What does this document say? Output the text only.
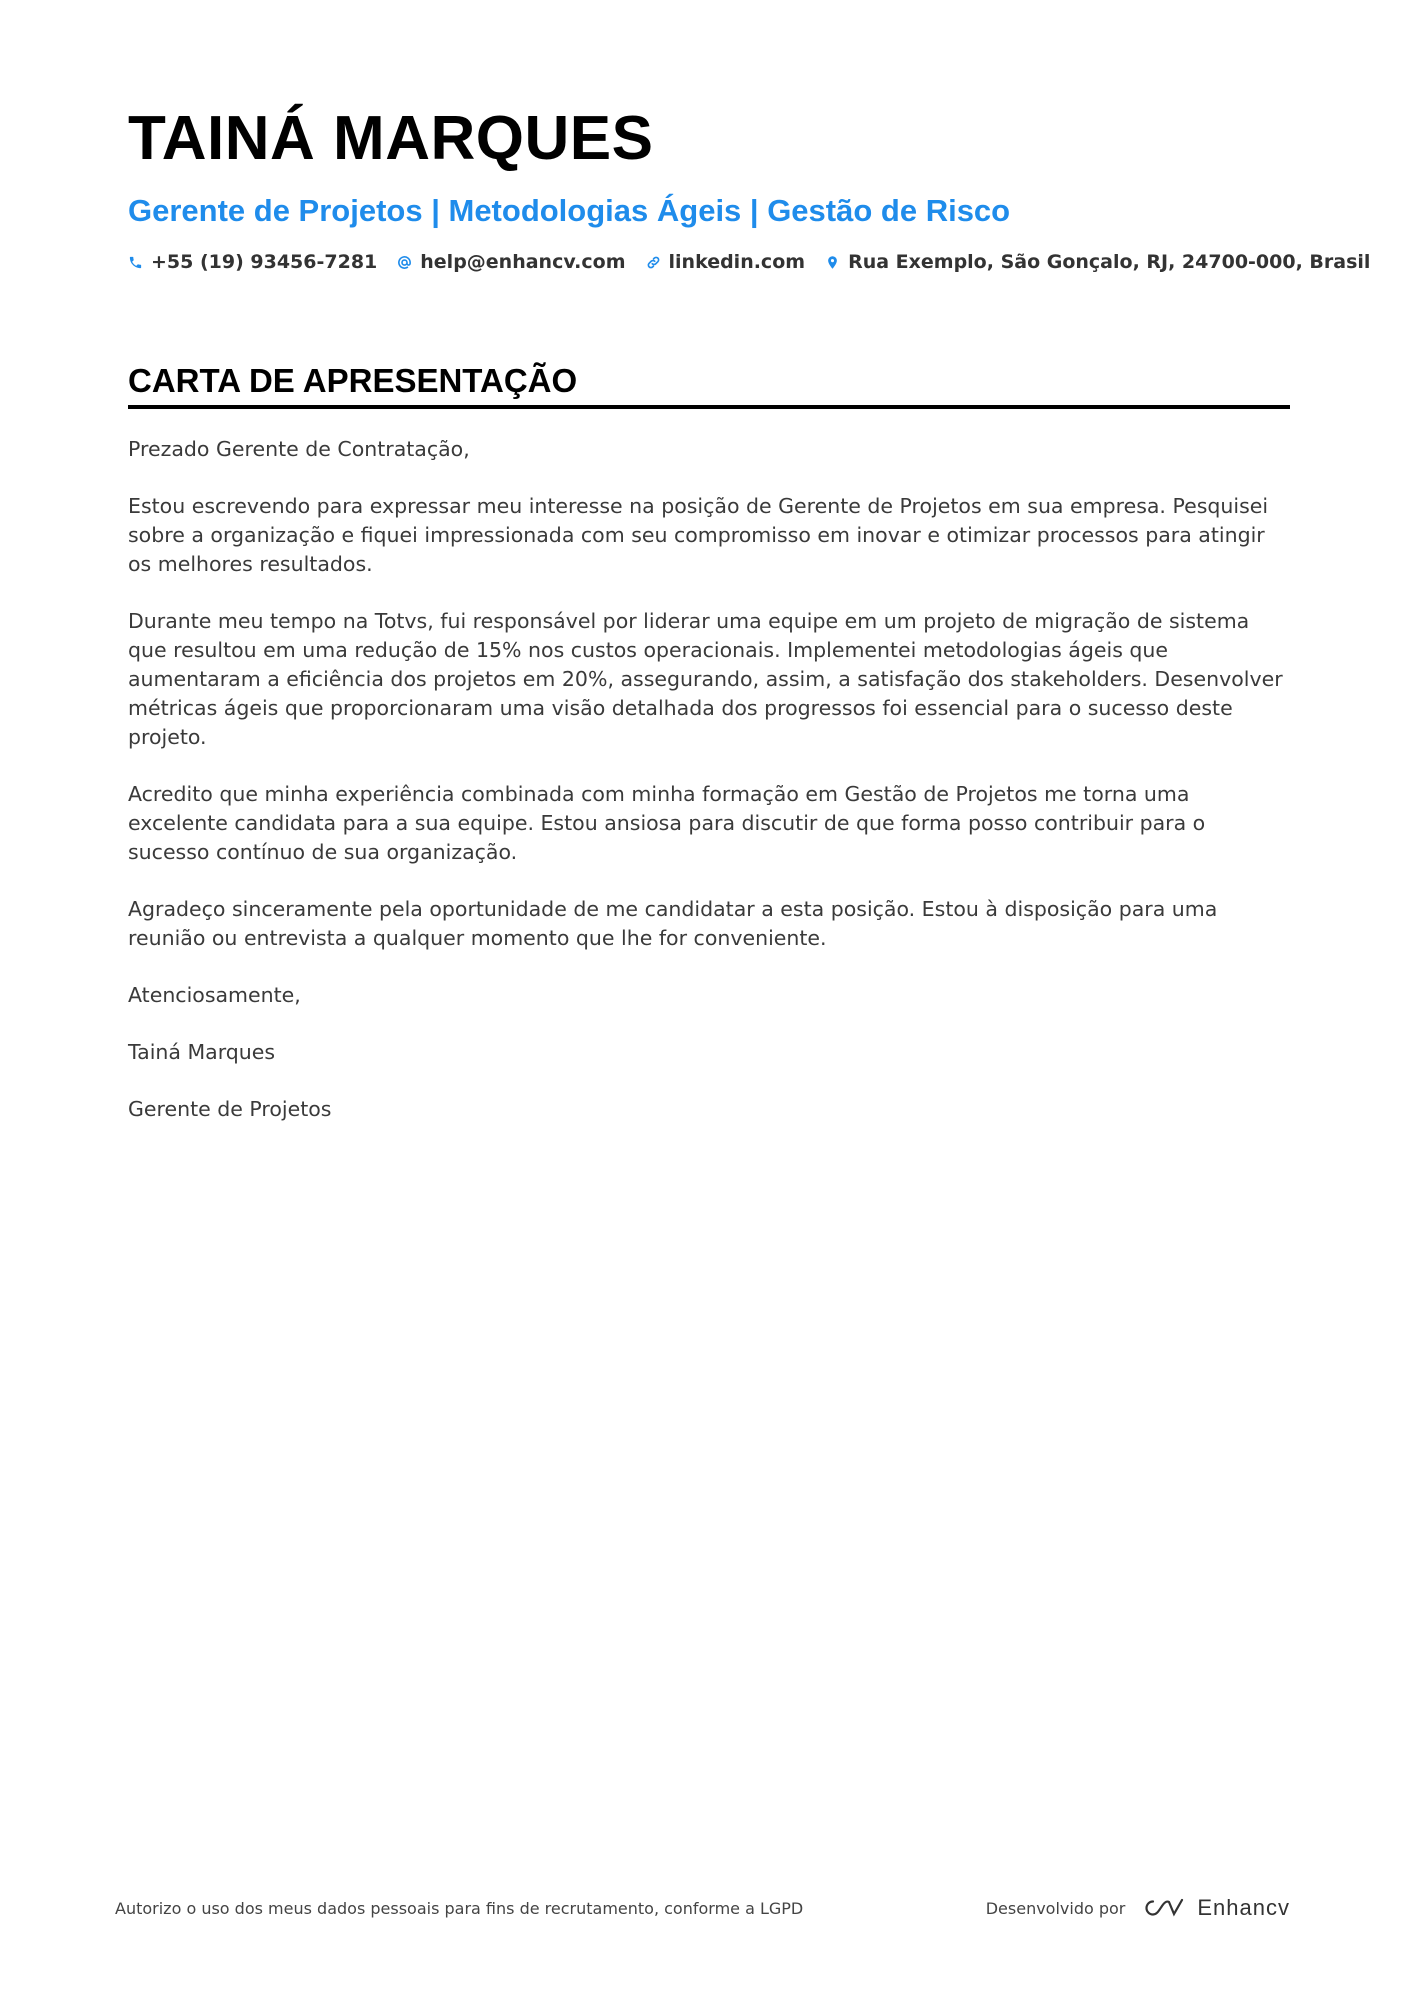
TAINÁ MARQUES
Gerente de Projetos | Metodologias Ágeis | Gestão de Risco
+55 (19) 93456-7281 help@enhancv.com linkedin.com Rua Exemplo, São Gonçalo, RJ, 24700-000, Brasil
CARTA DE APRESENTAÇÃO

Prezado Gerente de Contratação,

Estou escrevendo para expressar meu interesse na posição de Gerente de Projetos em sua empresa. Pesquisei sobre a organização e fiquei impressionada com seu compromisso em inovar e otimizar processos para atingir os melhores resultados.

Durante meu tempo na Totvs, fui responsável por liderar uma equipe em um projeto de migração de sistema que resultou em uma redução de 15% nos custos operacionais. Implementei metodologias ágeis que aumentaram a eficiência dos projetos em 20%, assegurando, assim, a satisfação dos stakeholders. Desenvolver métricas ágeis que proporcionaram uma visão detalhada dos progressos foi essencial para o sucesso deste projeto.

Acredito que minha experiência combinada com minha formação em Gestão de Projetos me torna uma excelente candidata para a sua equipe. Estou ansiosa para discutir de que forma posso contribuir para o sucesso contínuo de sua organização.

Agradeço sinceramente pela oportunidade de me candidatar a esta posição. Estou à disposição para uma reunião ou entrevista a qualquer momento que lhe for conveniente.

Atenciosamente,

Tainá Marques

Gerente de Projetos

Autorizo o uso dos meus dados pessoais para fins de recrutamento, conforme a LGPD	Desenvolvido por	Enhancv
